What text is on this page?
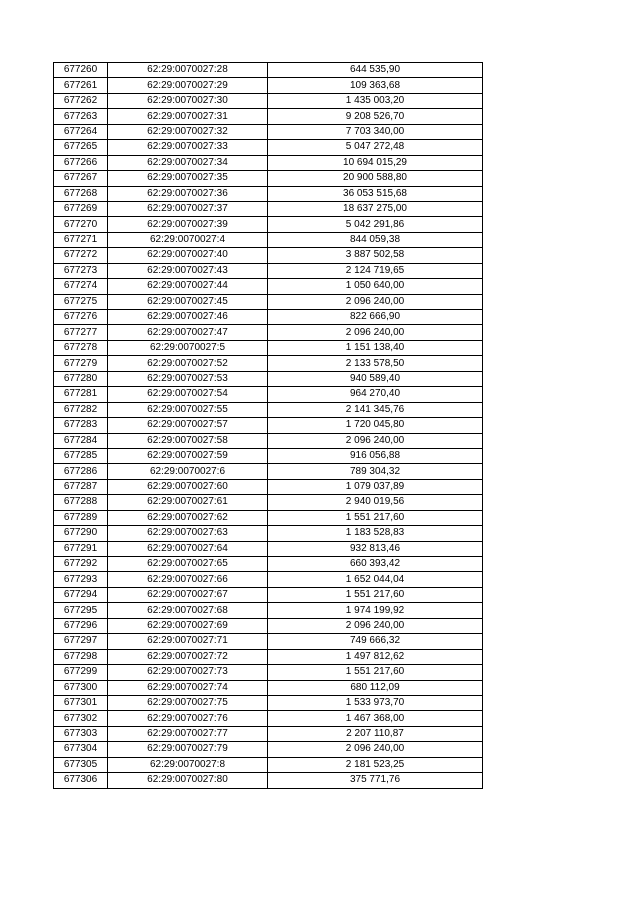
677260	62:29:0070027:28	644 535,90
677261	62:29:0070027:29	109 363,68
677262	62:29:0070027:30	1 435 003,20
677263	62:29:0070027:31	9 208 526,70
677264	62:29:0070027:32	7 703 340,00
677265	62:29:0070027:33	5 047 272,48
677266	62:29:0070027:34	10 694 015,29
677267	62:29:0070027:35	20 900 588,80
677268	62:29:0070027:36	36 053 515,68
677269	62:29:0070027:37	18 637 275,00
677270	62:29:0070027:39	5 042 291,86
677271	62:29:0070027:4	844 059,38
677272	62:29:0070027:40	3 887 502,58
677273	62:29:0070027:43	2 124 719,65
677274	62:29:0070027:44	1 050 640,00
677275	62:29:0070027:45	2 096 240,00
677276	62:29:0070027:46	822 666,90
677277	62:29:0070027:47	2 096 240,00
677278	62:29:0070027:5	1 151 138,40
677279	62:29:0070027:52	2 133 578,50
677280	62:29:0070027:53	940 589,40
677281	62:29:0070027:54	964 270,40
677282	62:29:0070027:55	2 141 345,76
677283	62:29:0070027:57	1 720 045,80
677284	62:29:0070027:58	2 096 240,00
677285	62:29:0070027:59	916 056,88
677286	62:29:0070027:6	789 304,32
677287	62:29:0070027:60	1 079 037,89
677288	62:29:0070027:61	2 940 019,56
677289	62:29:0070027:62	1 551 217,60
677290	62:29:0070027:63	1 183 528,83
677291	62:29:0070027:64	932 813,46
677292	62:29:0070027:65	660 393,42
677293	62:29:0070027:66	1 652 044,04
677294	62:29:0070027:67	1 551 217,60
677295	62:29:0070027:68	1 974 199,92
677296	62:29:0070027:69	2 096 240,00
677297	62:29:0070027:71	749 666,32
677298	62:29:0070027:72	1 497 812,62
677299	62:29:0070027:73	1 551 217,60
677300	62:29:0070027:74	680 112,09
677301	62:29:0070027:75	1 533 973,70
677302	62:29:0070027:76	1 467 368,00
677303	62:29:0070027:77	2 207 110,87
677304	62:29:0070027:79	2 096 240,00
677305	62:29:0070027:8	2 181 523,25
677306	62:29:0070027:80	375 771,76
